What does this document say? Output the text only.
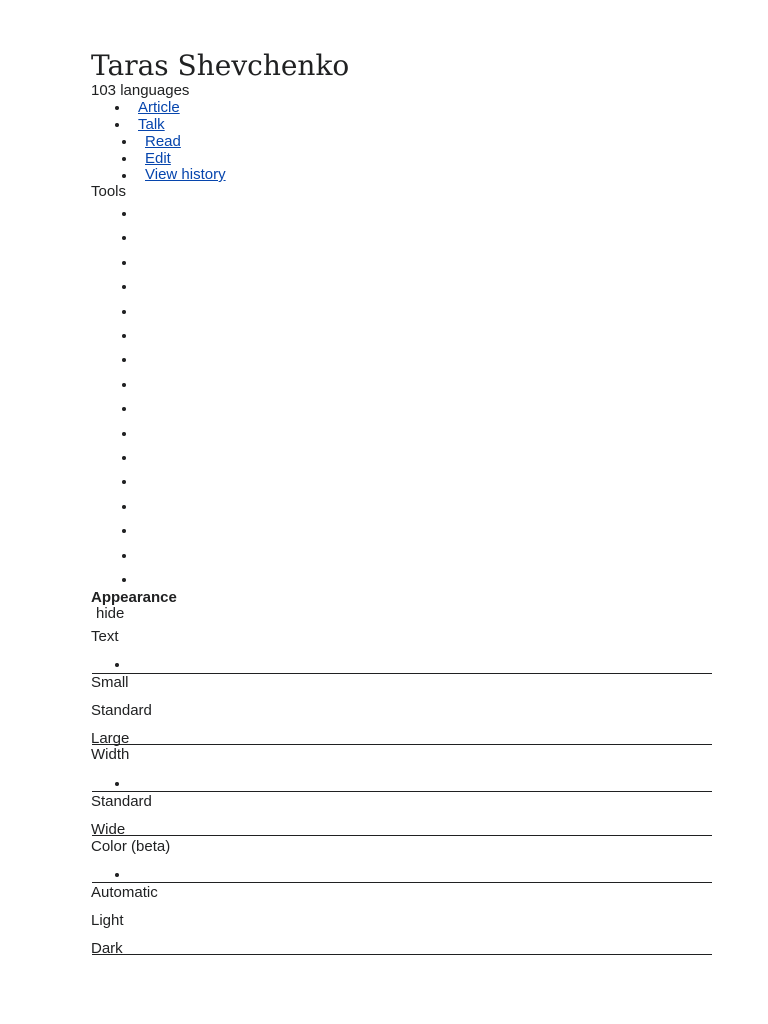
Taras Shevchenko
103 languages
Article
Talk
Read
Edit
View history
Tools
Appearance
hide
Text
Small
Standard
Large
Width
Standard
Wide
Color (beta)
Automatic
Light
Dark
